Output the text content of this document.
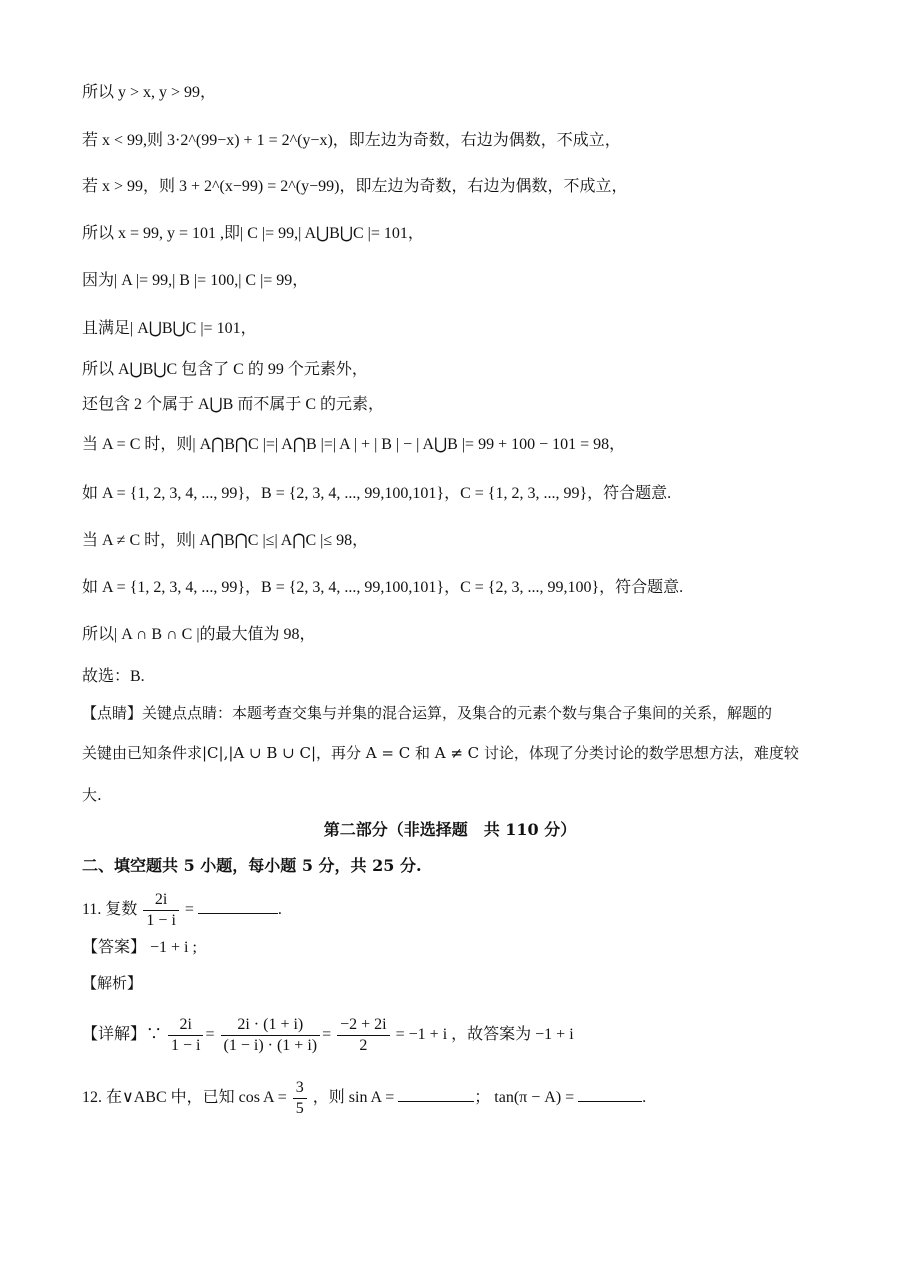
所以 y > x, y > 99，
若 x < 99,则 3·2^(99−x) + 1 = 2^(y−x)，即左边为奇数，右边为偶数，不成立，
若 x > 99，则 3 + 2^(x−99) = 2^(y−99)，即左边为奇数，右边为偶数，不成立，
所以 x = 99, y = 101 ,即| C |= 99,| A⋃B⋃C |= 101，
因为| A |= 99,| B |= 100,| C |= 99，
且满足| A⋃B⋃C |= 101，
所以 A⋃B⋃C 包含了 C 的 99 个元素外，
还包含 2 个属于 A⋃B 而不属于 C 的元素，
当 A = C 时，则| A⋂B⋂C |=| A⋂B |=| A | + | B | − | A⋃B |= 99 + 100 − 101 = 98，
如 A = {1, 2, 3, 4, ..., 99}，B = {2, 3, 4, ..., 99,100,101}，C = {1, 2, 3, ..., 99}，符合题意.
当 A ≠ C 时，则| A⋂B⋂C |≤| A⋂C |≤ 98，
如 A = {1, 2, 3, 4, ..., 99}，B = {2, 3, 4, ..., 99,100,101}，C = {2, 3, ..., 99,100}，符合题意.
所以| A ∩ B ∩ C |的最大值为 98，
故选：B.
【点睛】关键点点睛：本题考查交集与并集的混合运算，及集合的元素个数与集合子集间的关系，解题的
关键由已知条件求|C|,|A ∪ B ∪ C|，再分 A = C 和 A ≠ C 讨论，体现了分类讨论的数学思想方法，难度较
大.
第二部分（非选择题　共 110 分）
二、填空题共 5 小题，每小题 5 分，共 25 分.
11. 复数 $\frac{2i}{1 - i}$ =	.
【答案】 −1 + i ;
【解析】
【详解】∵ $\frac{2i}{1 - i} = \frac{2i \cdot (1 + i)}{(1 - i) \cdot (1 + i)} = \frac{-2 + 2i}{2} = -1 + i$ ，故答案为 −1 + i
12. 在∨ABC 中，已知 $\cos A = \frac{3}{5}$ ，则 sin A =	； tan(π − A) =	.
